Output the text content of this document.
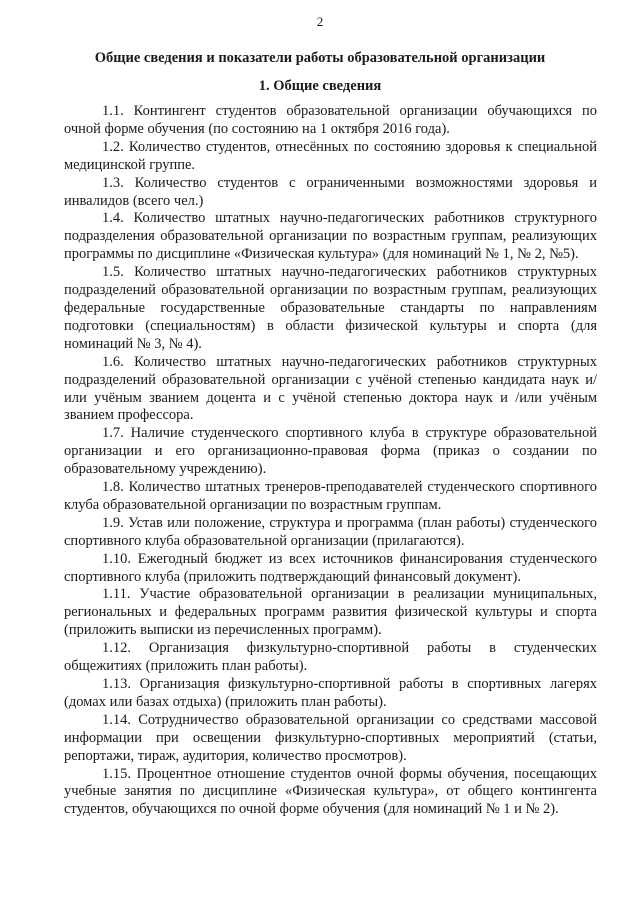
2
Общие сведения и показатели работы образовательной организации
1. Общие сведения

1.1. Контингент студентов образовательной организации обучающихся по очной форме обучения (по состоянию на 1 октября 2016 года).

1.2. Количество студентов, отнесённых по состоянию здоровья к специальной медицинской группе.

1.3. Количество студентов с ограниченными возможностями здоровья и инвалидов (всего чел.)

1.4. Количество штатных научно-педагогических работников структурного подразделения образовательной организации по возрастным группам, реализующих программы по дисциплине «Физическая культура» (для номинаций № 1, № 2, №5).

1.5. Количество штатных научно-педагогических работников структурных подразделений образовательной организации по возрастным группам, реализующих федеральные государственные образовательные стандарты по направлениям подготовки (специальностям) в области физической культуры и спорта (для номинаций № 3, № 4).

1.6. Количество штатных научно-педагогических работников структурных подразделений образовательной организации с учёной степенью кандидата наук и/или учёным званием доцента и с учёной степенью доктора наук и /или учёным званием профессора.

1.7. Наличие студенческого спортивного клуба в структуре образовательной организации и его организационно-правовая форма (приказ о создании по образовательному учреждению).

1.8. Количество штатных тренеров-преподавателей студенческого спортивного клуба образовательной организации по возрастным группам.

1.9. Устав или положение, структура и программа (план работы) студенческого спортивного клуба образовательной организации (прилагаются).

1.10. Ежегодный бюджет из всех источников финансирования студенческого спортивного клуба (приложить подтверждающий финансовый документ).

1.11. Участие образовательной организации в реализации муниципальных, региональных и федеральных программ развития физической культуры и спорта (приложить выписки из перечисленных программ).

1.12. Организация физкультурно-спортивной работы в студенческих общежитиях (приложить план работы).

1.13. Организация физкультурно-спортивной работы в спортивных лагерях (домах или базах отдыха) (приложить план работы).

1.14. Сотрудничество образовательной организации со средствами массовой информации при освещении физкультурно-спортивных мероприятий (статьи, репортажи, тираж, аудитория, количество просмотров).

1.15. Процентное отношение студентов очной формы обучения, посещающих учебные занятия по дисциплине «Физическая культура», от общего контингента студентов, обучающихся по очной форме обучения (для номинаций № 1 и № 2).
